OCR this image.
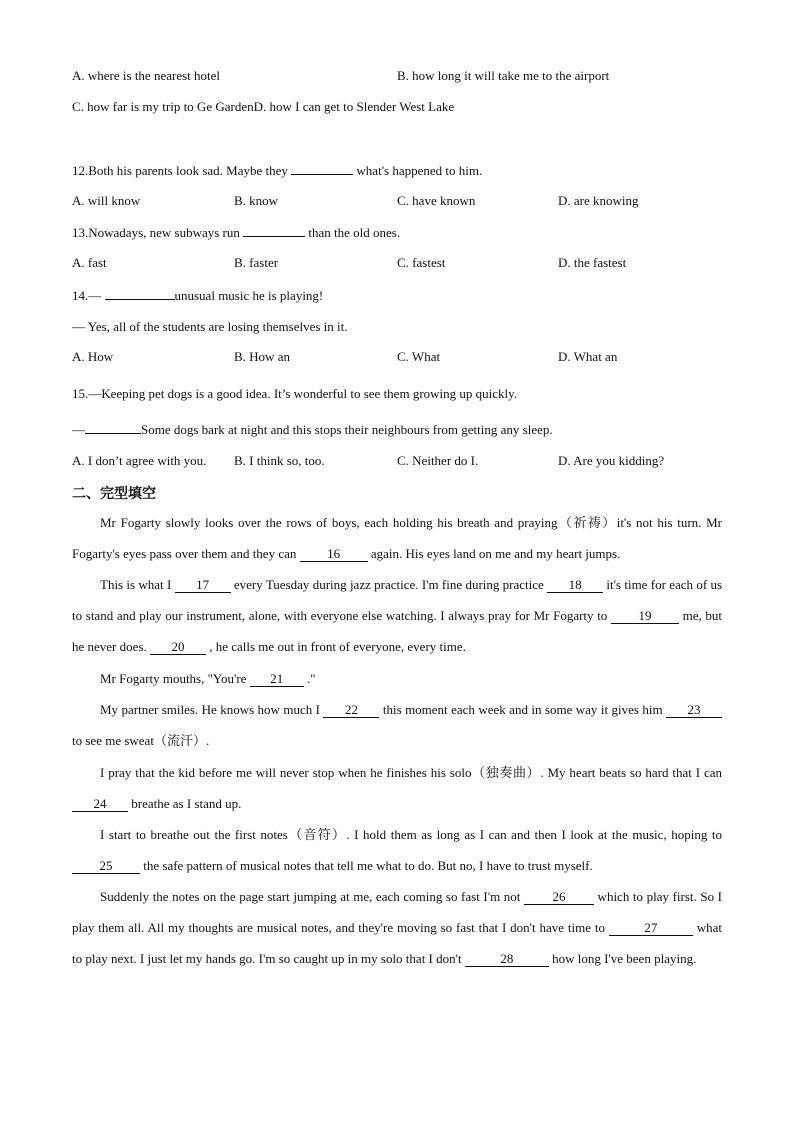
A. where is the nearest hotel	B. how long it will take me to the airport
C. how far is my trip to Ge GardenD. how I can get to Slender West Lake
12.Both his parents look sad. Maybe they	what's happened to him.
A. will know	B. know	C. have known	D. are knowing
13.Nowadays, new subways run	than the old ones.
A. fast	B. faster	C. fastest	D. the fastest
14.—	unusual music he is playing!
— Yes, all of the students are losing themselves in it.
A. How	B. How an	C. What	D. What an
15.—Keeping pet dogs is a good idea. It’s wonderful to see them growing up quickly.
—	Some dogs bark at night and this stops their neighbours from getting any sleep.
A. I don’t agree with you. B. I think so, too.	C. Neither do I.	D. Are you kidding?
二、完型填空
Mr Fogarty slowly looks over the rows of boys, each holding his breath and praying（祈祷）it's not his turn. Mr Fogarty's eyes pass over them and they can 16 again. His eyes land on me and my heart jumps.
This is what I 17 every Tuesday during jazz practice. I'm fine during practice 18 it's time for each of us to stand and play our instrument, alone, with everyone else watching. I always pray for Mr Fogarty to 19 me, but he never does. 20 , he calls me out in front of everyone, every time.
Mr Fogarty mouths, "You're 21 ."
My partner smiles. He knows how much I 22 this moment each week and in some way it gives him 23 to see me sweat（流汗）.
I pray that the kid before me will never stop when he finishes his solo（独奏曲）. My heart beats so hard that I can 24 breathe as I stand up.
I start to breathe out the first notes（音符）. I hold them as long as I can and then I look at the music, hoping to 25 the safe pattern of musical notes that tell me what to do. But no, I have to trust myself.
Suddenly the notes on the page start jumping at me, each coming so fast I'm not 26 which to play first. So I play them all. All my thoughts are musical notes, and they're moving so fast that I don't have time to	27	what to play next. I just let my hands go. I'm so caught up in my solo that I don't	28	how long I've been playing.
